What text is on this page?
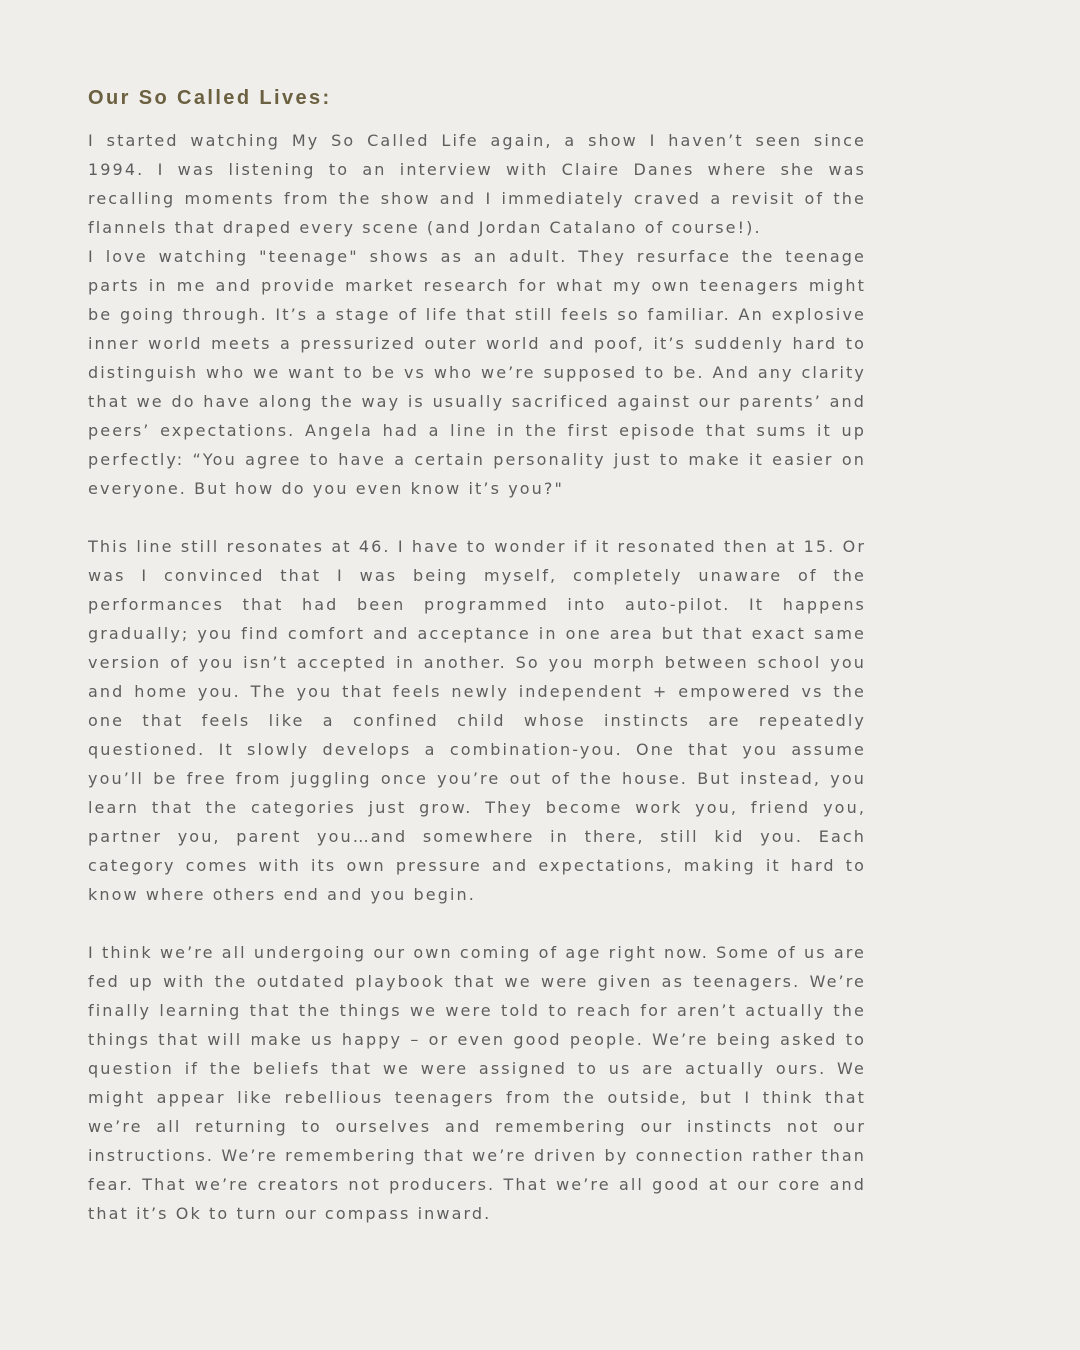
Our So Called Lives:

I started watching My So Called Life again, a show I haven’t seen since 1994. I was listening to an interview with Claire Danes where she was recalling moments from the show and I immediately craved a revisit of the flannels that draped every scene (and Jordan Catalano of course!).

I love watching "teenage" shows as an adult. They resurface the teenage parts in me and provide market research for what my own teenagers might be going through. It’s a stage of life that still feels so familiar. An explosive inner world meets a pressurized outer world and poof, it’s suddenly hard to distinguish who we want to be vs who we’re supposed to be. And any clarity that we do have along the way is usually sacrificed against our parents’ and peers’ expectations. Angela had a line in the first episode that sums it up perfectly: “You agree to have a certain personality just to make it easier on everyone. But how do you even know it’s you?"

This line still resonates at 46. I have to wonder if it resonated then at 15. Or was I convinced that I was being myself, completely unaware of the performances that had been programmed into auto-pilot. It happens gradually; you find comfort and acceptance in one area but that exact same version of you isn’t accepted in another. So you morph between school you and home you. The you that feels newly independent + empowered vs the one that feels like a confined child whose instincts are repeatedly questioned. It slowly develops a combination-you. One that you assume you’ll be free from juggling once you’re out of the house. But instead, you learn that the categories just grow. They become work you, friend you, partner you, parent you…and somewhere in there, still kid you. Each category comes with its own pressure and expectations, making it hard to know where others end and you begin.

I think we’re all undergoing our own coming of age right now. Some of us are fed up with the outdated playbook that we were given as teenagers. We’re finally learning that the things we were told to reach for aren’t actually the things that will make us happy – or even good people. We’re being asked to question if the beliefs that we were assigned to us are actually ours. We might appear like rebellious teenagers from the outside, but I think that we’re all returning to ourselves and remembering our instincts not our instructions. We’re remembering that we’re driven by connection rather than fear. That we’re creators not producers. That we’re all good at our core and that it’s Ok to turn our compass inward.
